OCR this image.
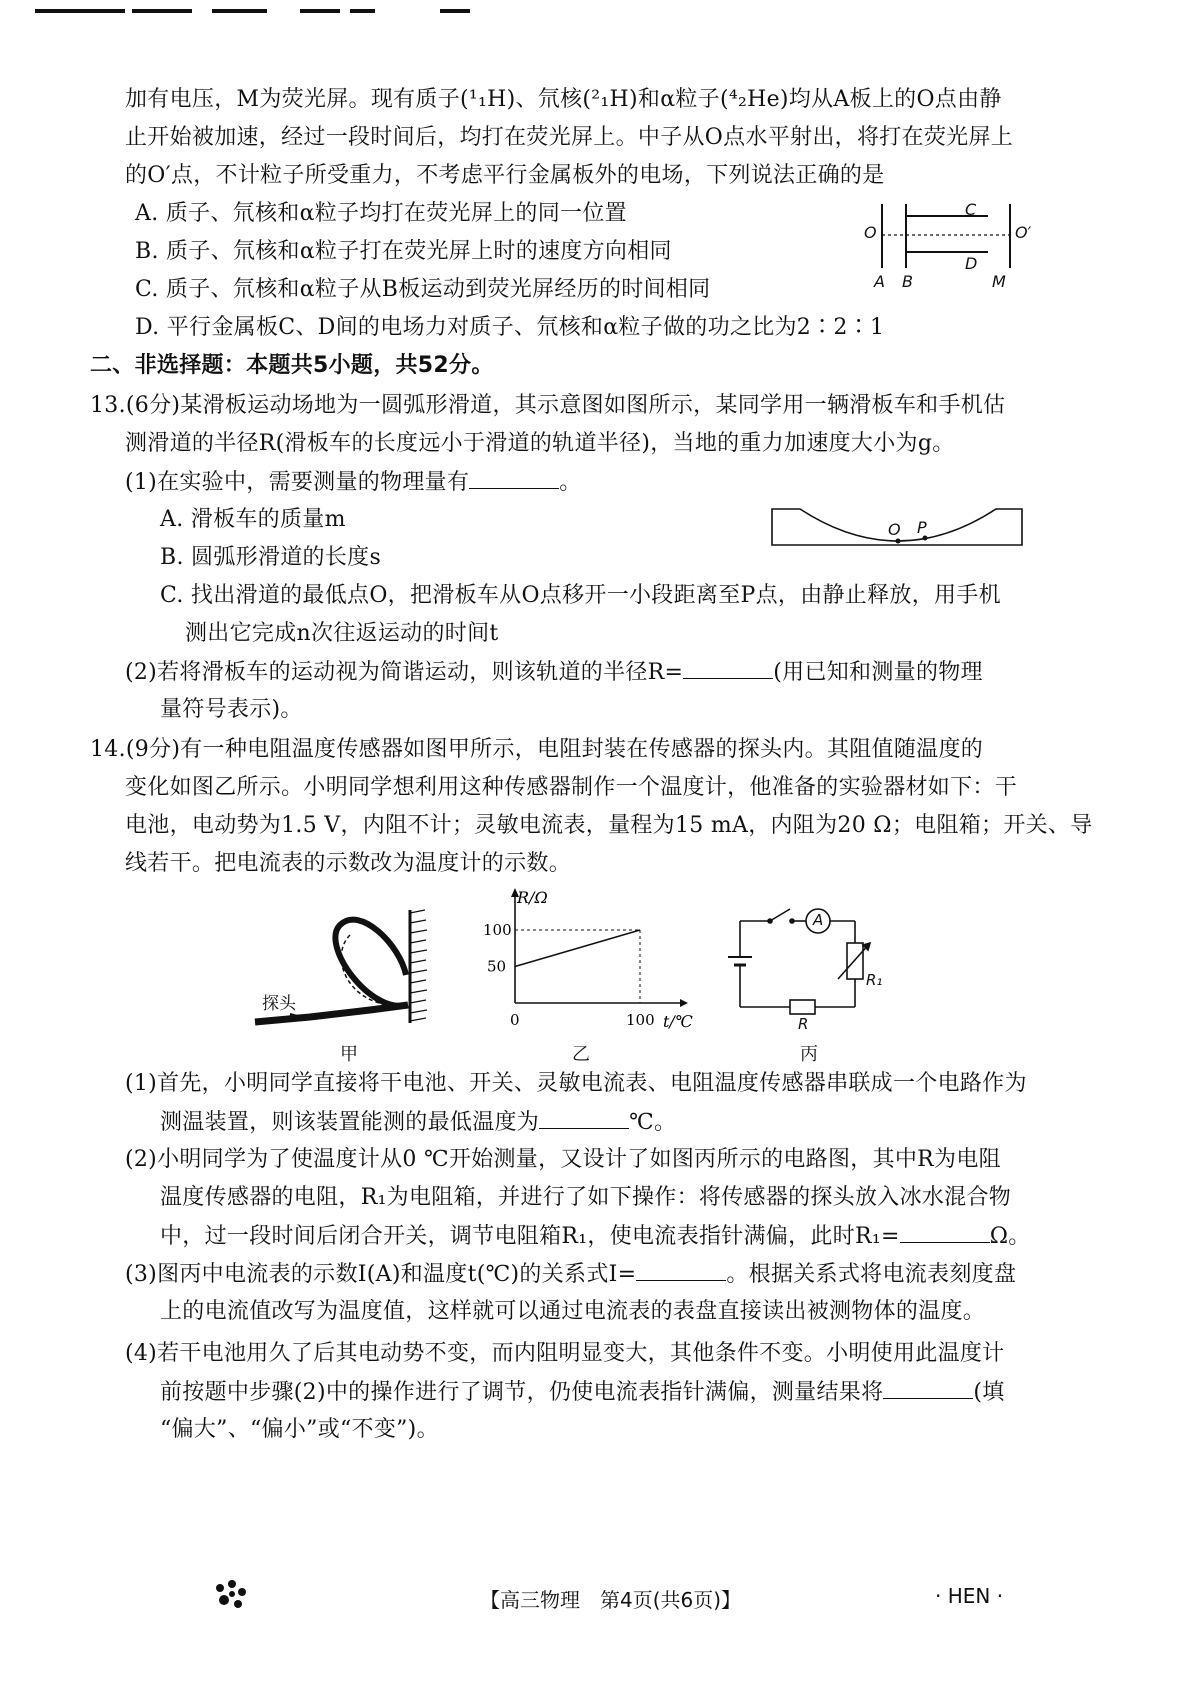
加有电压，M为荧光屏。现有质子(¹₁H)、氘核(²₁H)和α粒子(⁴₂He)均从A板上的O点由静
止开始被加速，经过一段时间后，均打在荧光屏上。中子从O点水平射出，将打在荧光屏上
的O′点，不计粒子所受重力，不考虑平行金属板外的电场，下列说法正确的是
A. 质子、氘核和α粒子均打在荧光屏上的同一位置
B. 质子、氘核和α粒子打在荧光屏上时的速度方向相同
C. 质子、氘核和α粒子从B板运动到荧光屏经历的时间相同
D. 平行金属板C、D间的电场力对质子、氘核和α粒子做的功之比为2∶2∶1
O	O′
A B
C
D
M
二、非选择题：本题共5小题，共52分。
13.(6分)某滑板运动场地为一圆弧形滑道，其示意图如图所示，某同学用一辆滑板车和手机估
测滑道的半径R(滑板车的长度远小于滑道的轨道半径)，当地的重力加速度大小为g。
(1)在实验中，需要测量的物理量有	。
A. 滑板车的质量m
B. 圆弧形滑道的长度s
C. 找出滑道的最低点O，把滑板车从O点移开一小段距离至P点，由静止释放，用手机
测出它完成n次往返运动的时间t
(2)若将滑板车的运动视为简谐运动，则该轨道的半径R=	(用已知和测量的物理
量符号表示)。
O P
14.(9分)有一种电阻温度传感器如图甲所示，电阻封装在传感器的探头内。其阻值随温度的
变化如图乙所示。小明同学想利用这种传感器制作一个温度计，他准备的实验器材如下：干
电池，电动势为1.5 V，内阻不计；灵敏电流表，量程为15 mA，内阻为20 Ω；电阻箱；开关、导
线若干。把电流表的示数改为温度计的示数。
探头
甲
R/Ω
t/℃
50
100
0	100
乙
A
R₁
R
丙
(1)首先，小明同学直接将干电池、开关、灵敏电流表、电阻温度传感器串联成一个电路作为
测温装置，则该装置能测的最低温度为	℃。
(2)小明同学为了使温度计从0 ℃开始测量，又设计了如图丙所示的电路图，其中R为电阻
温度传感器的电阻，R₁为电阻箱，并进行了如下操作：将传感器的探头放入冰水混合物
中，过一段时间后闭合开关，调节电阻箱R₁，使电流表指针满偏，此时R₁=	Ω。
(3)图丙中电流表的示数I(A)和温度t(℃)的关系式I=	。根据关系式将电流表刻度盘
上的电流值改写为温度值，这样就可以通过电流表的表盘直接读出被测物体的温度。
(4)若干电池用久了后其电动势不变，而内阻明显变大，其他条件不变。小明使用此温度计
前按题中步骤(2)中的操作进行了调节，仍使电流表指针满偏，测量结果将	(填
“偏大”、“偏小”或“不变”)。
【高三物理　第4页(共6页)】	· HEN ·
